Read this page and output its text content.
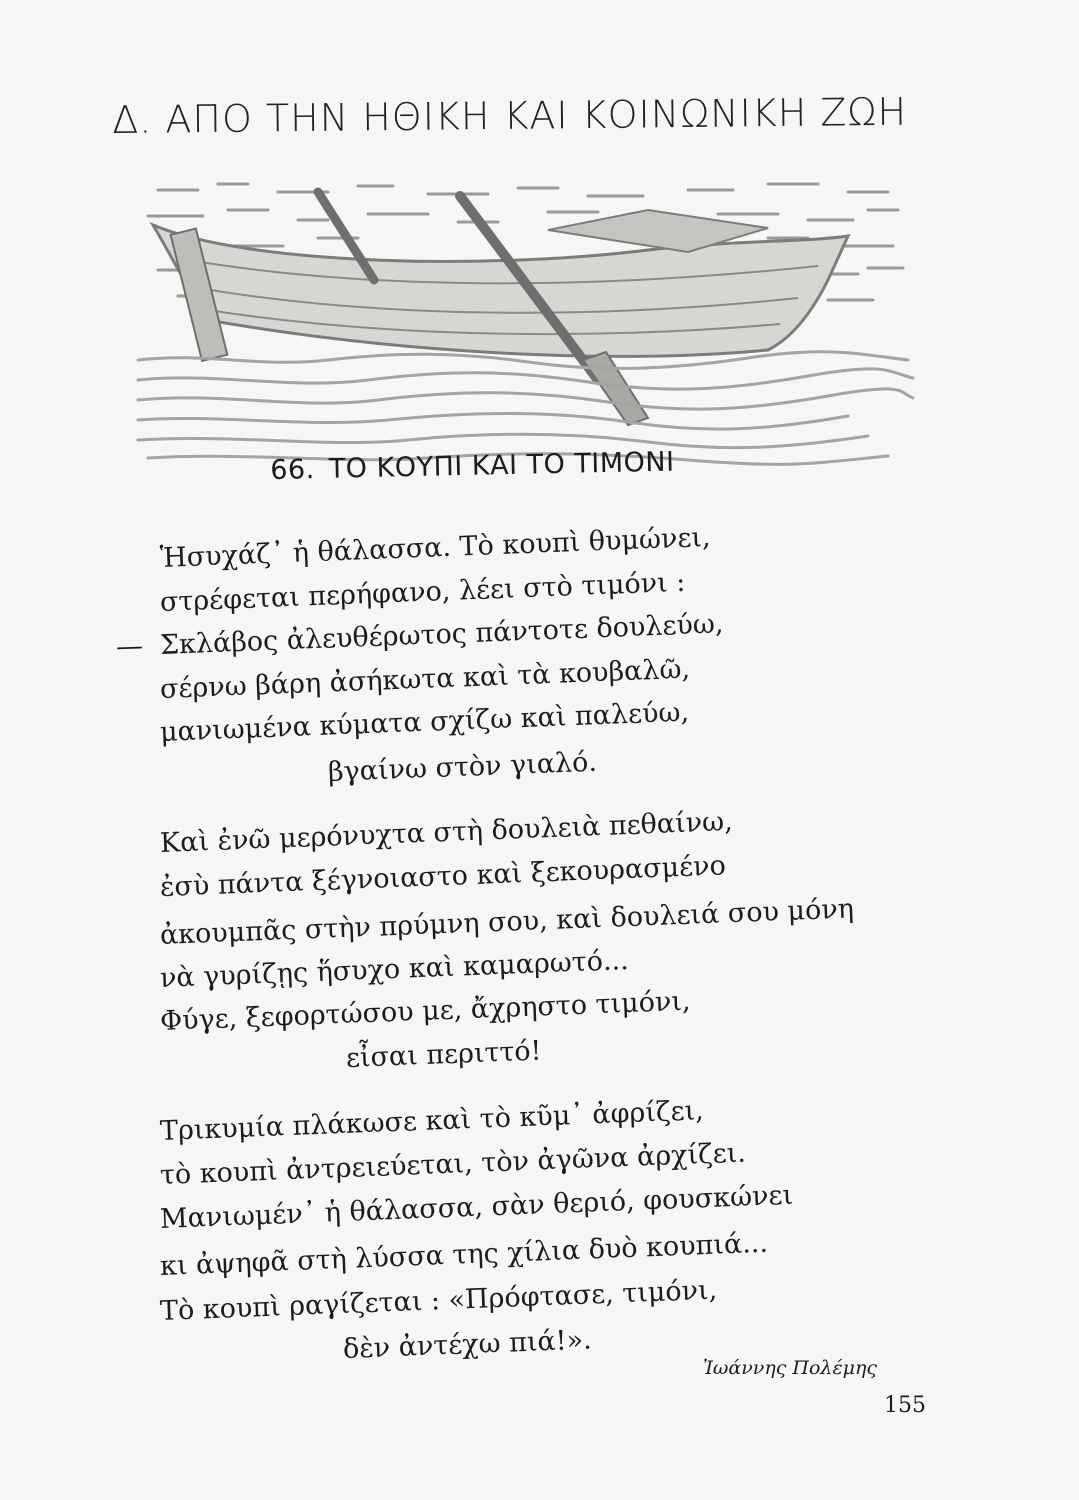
Δ. ΑΠΟ ΤΗΝ ΗΘΙΚΗ ΚΑΙ ΚΟΙΝΩΝΙΚΗ ΖΩΗ
66. ΤΟ ΚΟΥΠΙ ΚΑΙ ΤΟ ΤΙΜΟΝΙ
Ἡσυχάζ᾽ ἡ θάλασσα. Τὸ κουπὶ θυμώνει,
στρέφεται περήφανο, λέει στὸ τιμόνι :
— Σκλάβος ἀλευθέρωτος πάντοτε δουλεύω,
σέρνω βάρη ἀσήκωτα καὶ τὰ κουβαλῶ,
μανιωμένα κύματα σχίζω καὶ παλεύω,
βγαίνω στὸν γιαλό.
Καὶ ἐνῶ μερόνυχτα στὴ δουλειὰ πεθαίνω,
ἐσὺ πάντα ξέγνοιαστο καὶ ξεκουρασμένο
ἀκουμπᾶς στὴν πρύμνη σου, καὶ δουλειά σου μόνη
νὰ γυρίζῃς ἥσυχο καὶ καμαρωτό...
Φύγε, ξεφορτώσου με, ἄχρηστο τιμόνι,
εἶσαι περιττό!
Τρικυμία πλάκωσε καὶ τὸ κῦμ᾽ ἀφρίζει,
τὸ κουπὶ ἀντρειεύεται, τὸν ἀγῶνα ἀρχίζει.
Μανιωμέν᾽ ἡ θάλασσα, σὰν θεριό, φουσκώνει
κι ἀψηφᾶ στὴ λύσσα της χίλια δυὸ κουπιά...
Τὸ κουπὶ ραγίζεται : «Πρόφτασε, τιμόνι,
δὲν ἀντέχω πιά!».
Ἰωάννης Πολέμης
155
